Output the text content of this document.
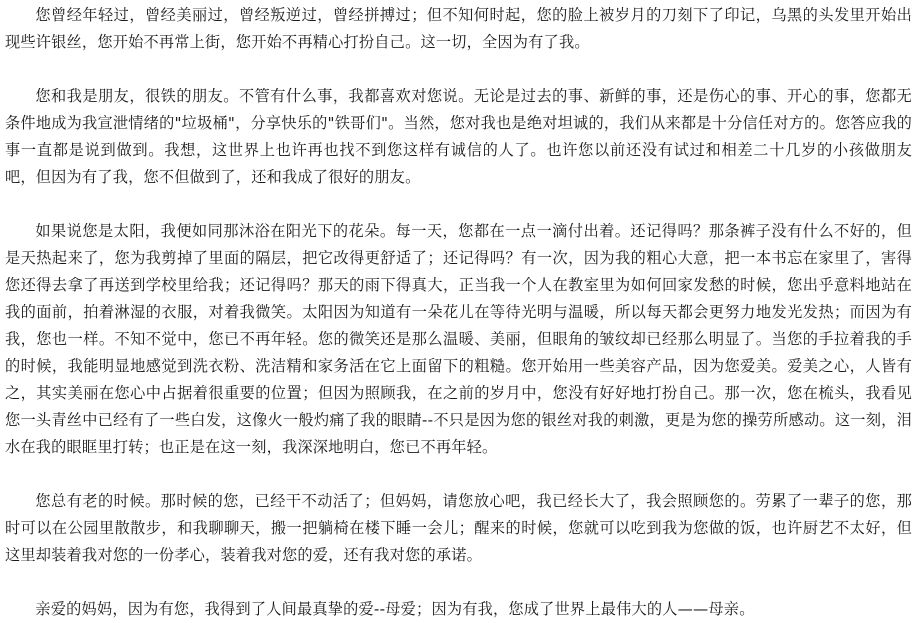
您曾经年轻过，曾经美丽过，曾经叛逆过，曾经拼搏过；但不知何时起，您的脸上被岁月的刀刻下了印记，乌黑的头发里开始出现些许银丝，您开始不再常上街，您开始不再精心打扮自己。这一切，全因为有了我。

您和我是朋友，很铁的朋友。不管有什么事，我都喜欢对您说。无论是过去的事、新鲜的事，还是伤心的事、开心的事，您都无条件地成为我宣泄情绪的"垃圾桶"，分享快乐的"铁哥们"。当然，您对我也是绝对坦诚的，我们从来都是十分信任对方的。您答应我的事一直都是说到做到。我想，这世界上也许再也找不到您这样有诚信的人了。也许您以前还没有试过和相差二十几岁的小孩做朋友吧，但因为有了我，您不但做到了，还和我成了很好的朋友。

如果说您是太阳，我便如同那沐浴在阳光下的花朵。每一天，您都在一点一滴付出着。还记得吗？那条裤子没有什么不好的，但是天热起来了，您为我剪掉了里面的隔层，把它改得更舒适了；还记得吗？有一次，因为我的粗心大意，把一本书忘在家里了，害得您还得去拿了再送到学校里给我；还记得吗？那天的雨下得真大，正当我一个人在教室里为如何回家发愁的时候，您出乎意料地站在我的面前，拍着淋湿的衣服，对着我微笑。太阳因为知道有一朵花儿在等待光明与温暖，所以每天都会更努力地发光发热；而因为有我，您也一样。不知不觉中，您已不再年轻。您的微笑还是那么温暖、美丽，但眼角的皱纹却已经那么明显了。当您的手拉着我的手的时候，我能明显地感觉到洗衣粉、洗洁精和家务活在它上面留下的粗糙。您开始用一些美容产品，因为您爱美。爱美之心，人皆有之，其实美丽在您心中占据着很重要的位置；但因为照顾我，在之前的岁月中，您没有好好地打扮自己。那一次，您在梳头，我看见您一头青丝中已经有了一些白发，这像火一般灼痛了我的眼睛--不只是因为您的银丝对我的刺激，更是为您的操劳所感动。这一刻，泪水在我的眼眶里打转；也正是在这一刻，我深深地明白，您已不再年轻。

您总有老的时候。那时候的您，已经干不动活了；但妈妈，请您放心吧，我已经长大了，我会照顾您的。劳累了一辈子的您，那时可以在公园里散散步，和我聊聊天，搬一把躺椅在楼下睡一会儿；醒来的时候，您就可以吃到我为您做的饭，也许厨艺不太好，但这里却装着我对您的一份孝心，装着我对您的爱，还有我对您的承诺。

亲爱的妈妈，因为有您，我得到了人间最真挚的爱--母爱；因为有我，您成了世界上最伟大的人——母亲。
